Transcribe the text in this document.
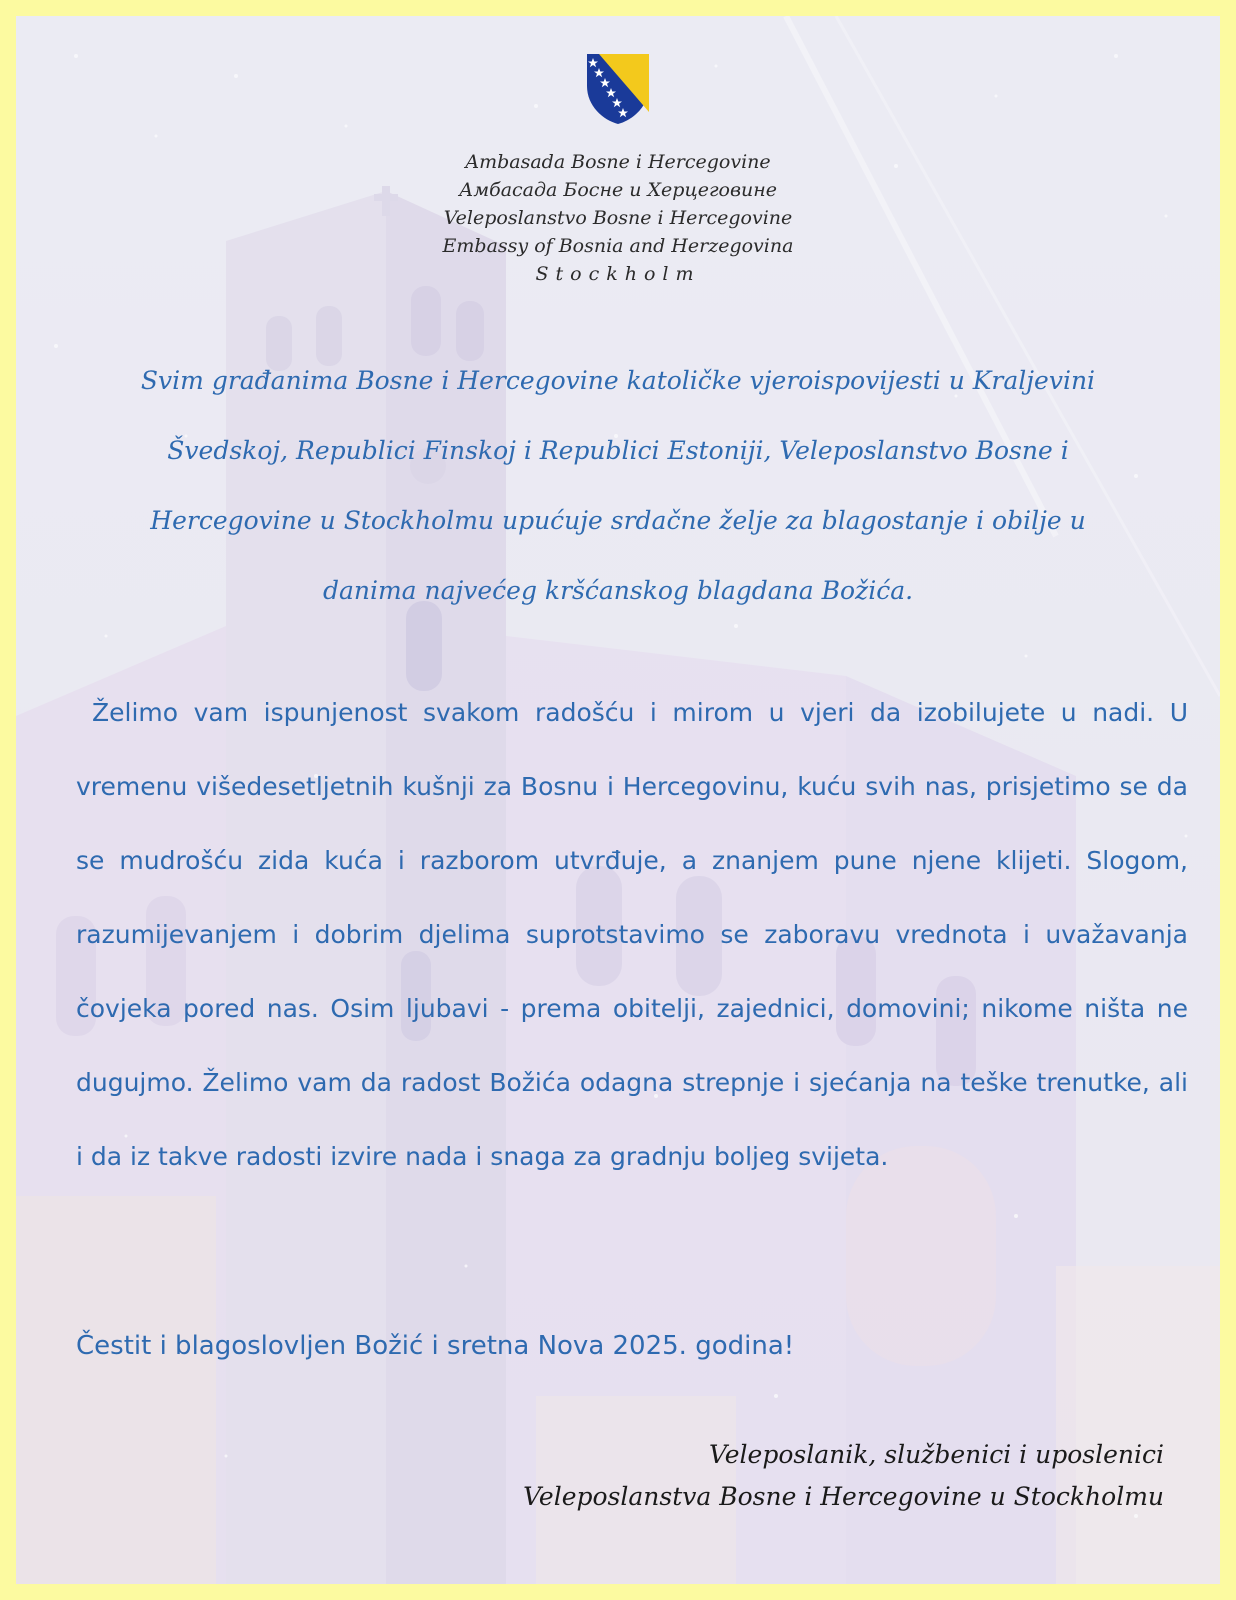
Ambasada Bosne i Hercegovine
Амбасада Босне и Херцеговине
Veleposlanstvo Bosne i Hercegovine
Embassy of Bosnia and Herzegovina
Stockholm
Svim građanima Bosne i Hercegovine katoličke vjeroispovijesti u Kraljevini
Švedskoj, Republici Finskoj i Republici Estoniji, Veleposlanstvo Bosne i
Hercegovine u Stockholmu upućuje srdačne želje za blagostanje i obilje u
danima najvećeg kršćanskog blagdana Božića.

Želimo vam ispunjenost svakom radošću i mirom u vjeri da izobilujete u nadi. U vremenu višedesetljetnih kušnji za Bosnu i Hercegovinu, kuću svih nas, prisjetimo se da se mudrošću zida kuća i razborom utvrđuje, a znanjem pune njene klijeti. Slogom, razumijevanjem i dobrim djelima suprotstavimo se zaboravu vrednota i uvažavanja čovjeka pored nas. Osim ljubavi - prema obitelji, zajednici, domovini; nikome ništa ne dugujmo. Želimo vam da radost Božića odagna strepnje i sjećanja na teške trenutke, ali i da iz takve radosti izvire nada i snaga za gradnju boljeg svijeta.

Čestit i blagoslovljen Božić i sretna Nova 2025. godina!
Veleposlanik, službenici i uposlenici
Veleposlanstva Bosne i Hercegovine u Stockholmu
